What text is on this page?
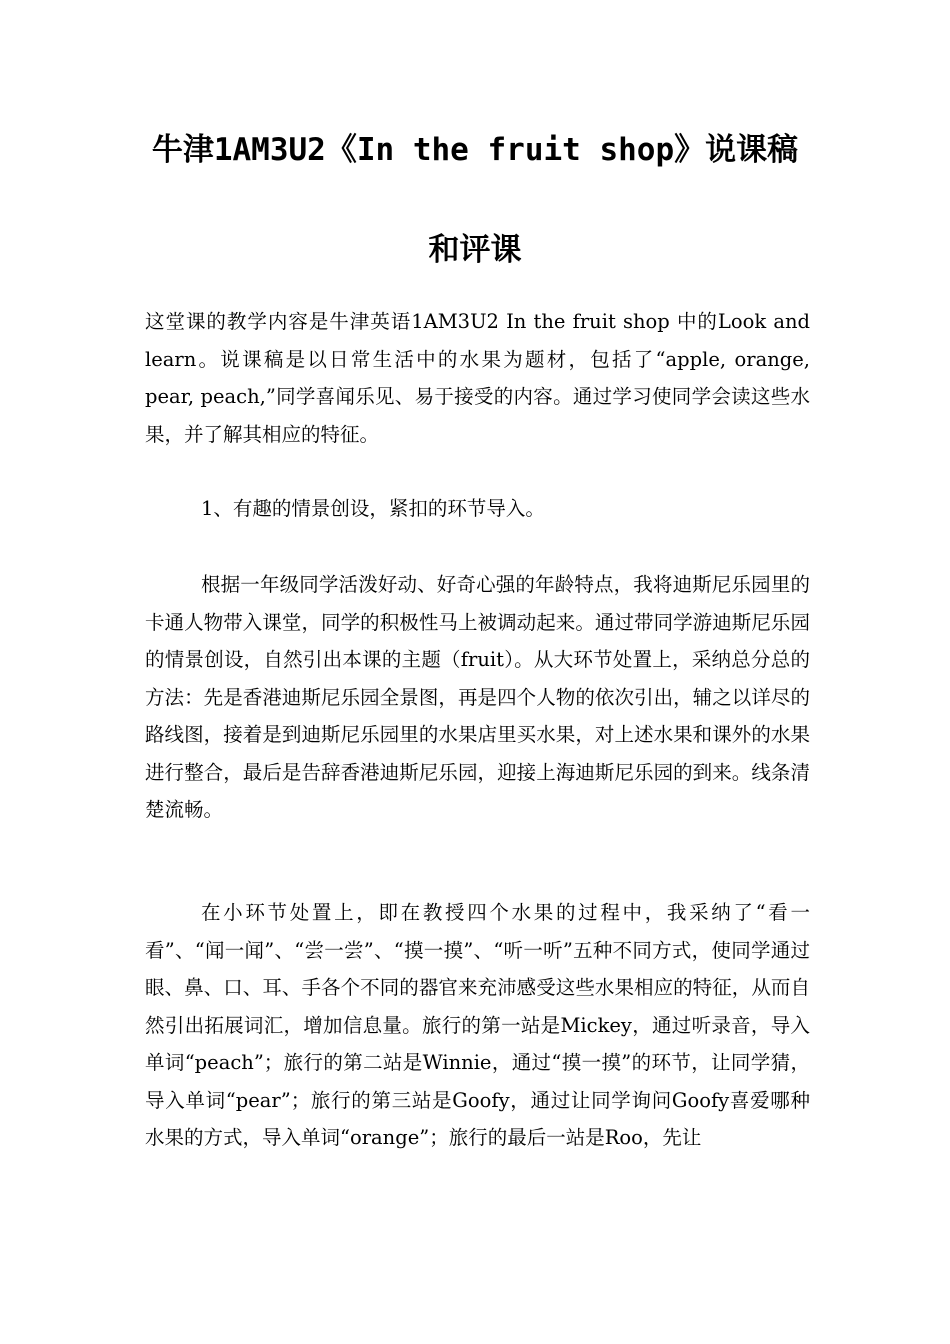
牛津1AM3U2《In the fruit shop》说课稿
和评课
这堂课的教学内容是牛津英语1AM3U2 In the fruit shop 中的Look and learn。说课稿是以日常生活中的水果为题材，包括了“apple, orange, pear, peach,”同学喜闻乐见、易于接受的内容。通过学习使同学会读这些水果，并了解其相应的特征。
1、有趣的情景创设，紧扣的环节导入。
根据一年级同学活泼好动、好奇心强的年龄特点，我将迪斯尼乐园里的卡通人物带入课堂，同学的积极性马上被调动起来。通过带同学游迪斯尼乐园的情景创设，自然引出本课的主题（fruit）。从大环节处置上，采纳总分总的方法：先是香港迪斯尼乐园全景图，再是四个人物的依次引出，辅之以详尽的路线图，接着是到迪斯尼乐园里的水果店里买水果，对上述水果和课外的水果进行整合，最后是告辞香港迪斯尼乐园，迎接上海迪斯尼乐园的到来。线条清楚流畅。
在小环节处置上，即在教授四个水果的过程中，我采纳了“看一看”、“闻一闻”、“尝一尝”、“摸一摸”、“听一听”五种不同方式，使同学通过眼、鼻、口、耳、手各个不同的器官来充沛感受这些水果相应的特征，从而自然引出拓展词汇，增加信息量。旅行的第一站是Mickey，通过听录音，导入单词“peach”；旅行的第二站是Winnie，通过“摸一摸”的环节，让同学猜，导入单词“pear”；旅行的第三站是Goofy，通过让同学询问Goofy喜爱哪种水果的方式，导入单词“orange”；旅行的最后一站是Roo，先让
